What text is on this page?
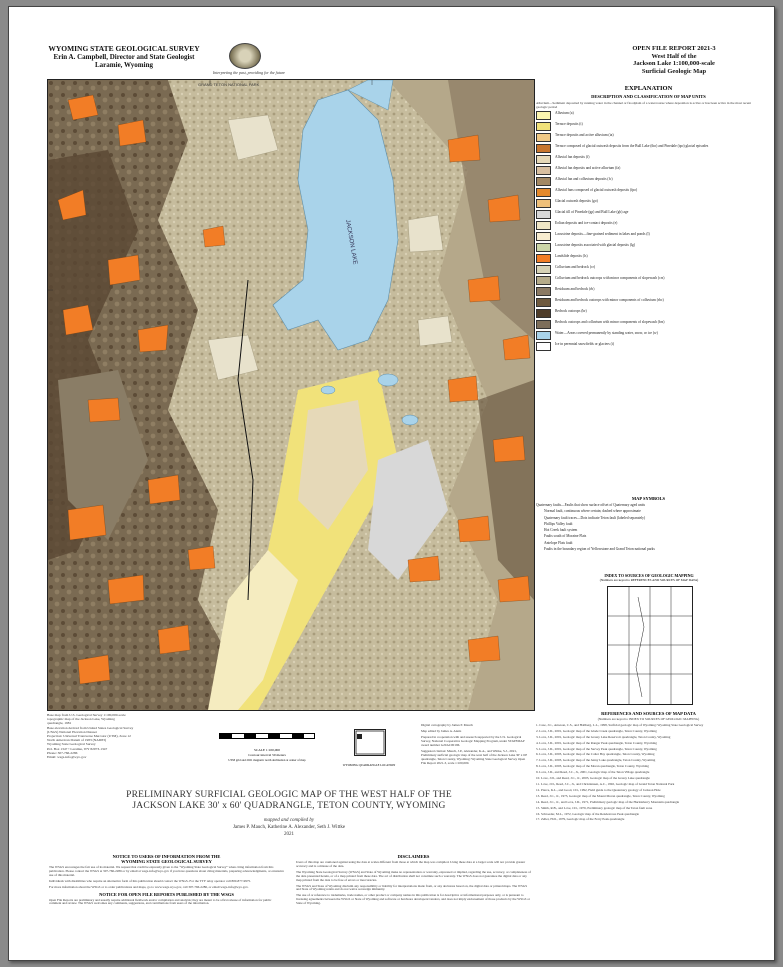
WYOMING STATE GEOLOGICAL SURVEY
Erin A. Campbell, Director and State Geologist
Laramie, Wyoming
Interpreting the past, providing for the future
OPEN FILE REPORT 2021-3
West Half of the
Jackson Lake 1:100,000-scale
Surficial Geologic Map
JACKSON LAKE
GRAND TETON NATIONAL PARK
EXPLANATION
DESCRIPTION AND CLASSIFICATION OF MAP UNITS
Alluvium—Sediment deposited by running water in the channel or floodplain of a watercourse where deposition is active or has been active in the most recent geologic period
Alluvium (a)
Terrace deposits (t)
Terrace deposits and active alluvium (ta)
Terrace composed of glacial outwash deposits from the Bull Lake (tbo) and Pinedale (tpo) glacial episodes
Alluvial fan deposits (f)
Alluvial fan deposits and active alluvium (fa)
Alluvial fan and colluvium deposits (fc)
Alluvial fans composed of glacial outwash deposits (fpo)
Glacial outwash deposits (go)
Glacial till of Pinedale (gp) and Bull Lake (gb) age
Eolian deposits and ice-contact deposits (e)
Lacustrine deposits—fine-grained sediment in lakes and ponds (l)
Lacustrine deposits associated with glacial deposits (lg)
Landslide deposits (ls)
Colluvium and bedrock (cr)
Colluvium and bedrock outcrops with minor components of slopewash (crs)
Residuum and bedrock (rb)
Residuum and bedrock outcrops with minor components of colluvium (rbc)
Bedrock outcrops (br)
Bedrock outcrops and colluvium with minor components of slopewash (brs)
Water—Areas covered permanently by standing water, snow, or ice (w)
Ice in perennial snowfields or glaciers (i)
MAP SYMBOLS
Quaternary faults—Faults that show surface offset of Quaternary aged units
Normal fault, continuous where certain; dashed where approximate
Quaternary fault traces—Dots indicate Teton fault (labeled separately)
Phillips Valley fault
Hot Creek fault system
Faults south of Moraine Flats
Antelope Flats fault
Faults in the boundary region of Yellowstone and Grand Teton national parks
INDEX TO SOURCES OF GEOLOGIC MAPPING
(Numbers are keyed to REFERENCES AND SOURCES OF MAP DATA)
REFERENCES AND SOURCES OF MAP DATA
(Numbers are keyed to INDEX TO SOURCES OF GEOLOGIC MAPPING)
1. Case, J.C., Arneson, C.S., and Hallberg, L.L., 1998, Surficial geologic map of Wyoming: Wyoming State Geological Survey
2. Love, J.D., 2001, Geologic map of the Glade Creek quadrangle, Teton County, Wyoming
3. Love, J.D., 2001, Geologic map of the Grassy Lake Reservoir quadrangle, Teton County, Wyoming
4. Love, J.D., 2001, Geologic map of the Ranger Peak quadrangle, Teton County, Wyoming
5. Love, J.D., 2001, Geologic map of the Survey Peak quadrangle, Teton County, Wyoming
6. Love, J.D., 2003, Geologic map of the Colter Bay quadrangle, Teton County, Wyoming
7. Love, J.D., 2003, Geologic map of the Jenny Lake quadrangle, Teton County, Wyoming
8. Love, J.D., 2003, Geologic map of the Moran quadrangle, Teton County, Wyoming
9. Love, J.D., and Reed, J.C., Jr., 2001, Geologic map of the Teton Village quadrangle
10. Love, J.D., and Reed, J.C., Jr., 2003, Geologic map of the Grassy Lake quadrangle
11. Love, J.D., Reed, J.C., Jr., and Christiansen, A.C., 1992, Geologic map of Grand Teton National Park
12. Pierce, K.L., and Good, J.D., 1992, Field guide to the Quaternary geology of Jackson Hole
13. Reed, J.C., Jr., 1973, Geologic map of the Mount Moran quadrangle, Teton County, Wyoming
14. Reed, J.C., Jr., and Love, J.D., 1971, Preliminary geologic map of the Huckleberry Mountain quadrangle
15. Smith, R.B., and Love, J.D., 1976, Preliminary geologic map of the Teton fault zone
16. Schroeder, M.L., 1972, Geologic map of the Rendezvous Peak quadrangle
17. Zeller, H.D., 1979, Geologic map of the Ferry Peak quadrangle
Base map from U.S. Geological Survey 1:100,000-scale
topographic map of the Jackson Lake, Wyoming
quadrangle, 1981
Base elevation derived from United States Geological Survey
(USGS) National Elevation Dataset
Projection: Universal Transverse Mercator (UTM), Zone 12
North American Datum of 1983 (NAD83)
Wyoming State Geological Survey
P.O. Box 1347 • Laramie, WY 82073-1347
Phone: 307-766-2286
Email: wsgs-info@wyo.gov
SCALE 1:100,000
Contour interval 50 meters
UTM grid and 2021 magnetic north declination at center of map
WYOMING QUADRANGLE LOCATION
Digital cartography by James P. Mauch
Map edited by James A. Annis
Prepared in cooperation with and research supported by the U.S. Geological Survey, National Cooperative Geologic Mapping Program, under STATEMAP award number G20AC00196.
Suggested citation: Mauch, J.P., Alexander, K.A., and Wittke, S.J., 2021, Preliminary surficial geologic map of the west half of the Jackson Lake 30' x 60' quadrangle, Teton County, Wyoming: Wyoming State Geological Survey Open File Report 2021-3, scale 1:100,000.
PRELIMINARY SURFICIAL GEOLOGIC MAP OF THE WEST HALF OF THE
JACKSON LAKE 30' x 60' QUADRANGLE, TETON COUNTY, WYOMING
mapped and compiled by
James P. Mauch, Katherine A. Alexander, Seth J. Wittke
2021
NOTICE TO USERS OF INFORMATION FROM THE
WYOMING STATE GEOLOGICAL SURVEY
The WSGS encourages the fair use of its material. We request that credit be expressly given to the “Wyoming State Geological Survey” when citing information from this publication. Please contact the WSGS at 307-766-2286 or by email at wsgs-info@wyo.gov if you have questions about citing materials, preparing acknowledgments, or extensive use of this material.
Individuals with disabilities who require an alternative form of this publication should contact the WSGS. For the TTY relay operator call 800-877-9975.
For more information about the WSGS or to order publications and maps, go to www.wsgs.wyo.gov, call 307-766-2286, or email wsgs-info@wyo.gov.
NOTICE FOR OPEN FILE REPORTS PUBLISHED BY THE WSGS
Open File Reports are preliminary and usually require additional fieldwork and/or compilation and analysis; they are meant to be a first release of information for public comment and review. The WSGS welcomes any comments, suggestions, and contributions from users of the information.
DISCLAIMERS
Users of this map are cautioned against using the data at scales different from those at which the map was compiled. Using these data at a larger scale will not provide greater accuracy and is a misuse of the data.
The Wyoming State Geological Survey (WSGS) and State of Wyoming make no representation or warranty, expressed or implied, regarding the use, accuracy, or completeness of the data presented herein, or of a map printed from these data. The act of distribution shall not constitute such a warranty. The WSGS does not guarantee the digital data or any map printed from the data to be free of errors or inaccuracies.
The WSGS and State of Wyoming disclaim any responsibility or liability for interpretations made from, or any decisions based on, the digital data or printed maps. The WSGS and State of Wyoming retain and do not waive sovereign immunity.
The use of or reference to trademarks, trade names, or other product or company names in this publication is for descriptive or informational purposes only, or is pursuant to licensing agreements between the WSGS or State of Wyoming and software or hardware developers/vendors, and does not imply endorsement of those products by the WSGS or State of Wyoming.
